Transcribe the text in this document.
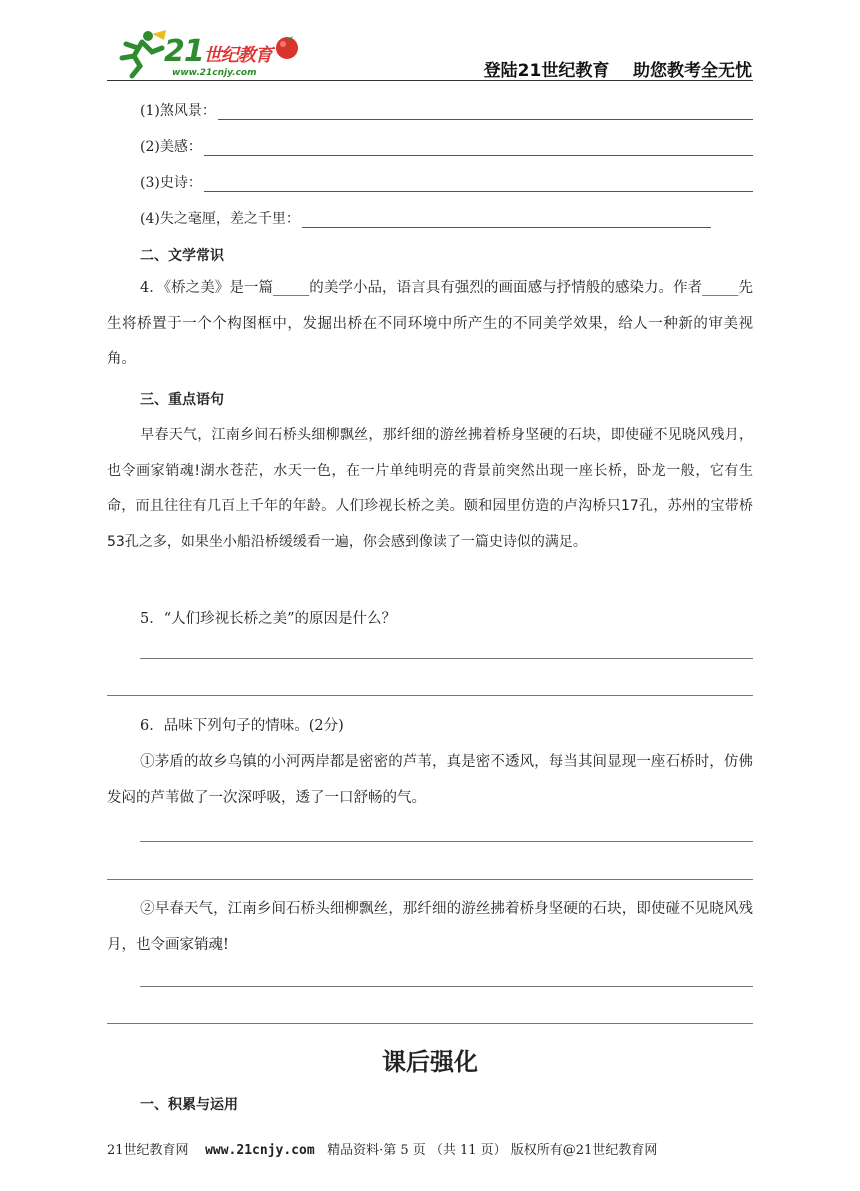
21世纪教育
www.21cnjy.com	登陆21世纪教育    助您教考全无忧
(1)煞风景：
(2)美感：
(3)史诗：
(4)失之毫厘，差之千里：
二、文学常识
4．《桥之美》是一篇_____的美学小品，语言具有强烈的画面感与抒情般的感染力。作者_____先生将桥置于一个个构图框中，发掘出桥在不同环境中所产生的不同美学效果，给人一种新的审美视角。
三、重点语句
早春天气，江南乡间石桥头细柳飘丝，那纤细的游丝拂着桥身坚硬的石块，即使碰不见晓风残月，也令画家销魂!湖水苍茫，水天一色，在一片单纯明亮的背景前突然出现一座长桥，卧龙一般，它有生命，而且往往有几百上千年的年龄。人们珍视长桥之美。颐和园里仿造的卢沟桥只17孔，苏州的宝带桥53孔之多，如果坐小船沿桥缓缓看一遍，你会感到像读了一篇史诗似的满足。
5．“人们珍视长桥之美”的原因是什么？
6．品味下列句子的情味。(2分)
①茅盾的故乡乌镇的小河两岸都是密密的芦苇，真是密不透风，每当其间显现一座石桥时，仿佛发闷的芦苇做了一次深呼吸，透了一口舒畅的气。
②早春天气，江南乡间石桥头细柳飘丝，那纤细的游丝拂着桥身坚硬的石块，即使碰不见晓风残月，也令画家销魂!
课后强化
一、积累与运用
21世纪教育网 www.21cnjy.com 精品资料·第 5 页 （共 11 页） 版权所有@21世纪教育网
